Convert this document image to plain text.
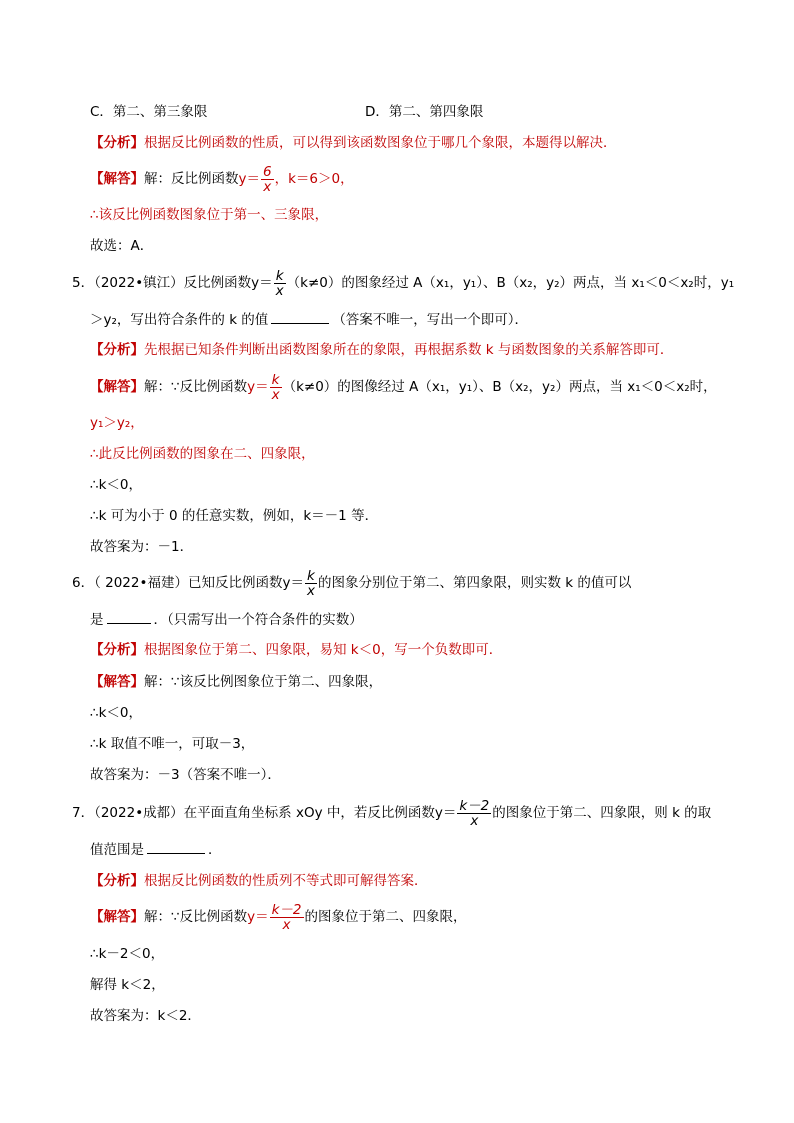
C．第二、第三象限	D．第二、第四象限
【分析】根据反比例函数的性质，可以得到该函数图象位于哪几个象限，本题得以解决．
【解答】解：反比例函数$y= \frac{6}{x}$ ，k＝6＞0，
∴该反比例函数图象位于第一、三象限，
故选：A．
5．（2022•镇江）反比例函数$y= \frac{k}{x} (k\ne 0)$的图象经过 A（x₁，y₁）、B（x₂，y₂）两点，当 x₁＜0＜x₂时，y₁
＞y₂，写出符合条件的 k 的值	（答案不唯一，写出一个即可）．
【分析】先根据已知条件判断出函数图象所在的象限，再根据系数 k 与函数图象的关系解答即可．
【解答】解：∵反比例函数$y= \frac{k}{x} (k\ne 0)$的图像经过 A（x₁，y₁）、B（x₂，y₂）两点，当 x₁＜0＜x₂时，
y₁＞y₂，
∴此反比例函数的图象在二、四象限，
∴k＜0，
∴k 可为小于 0 的任意实数，例如，k＝－1 等．
故答案为：－1．
6．（ 2022•福建）已知反比例函数$y= \frac{k}{x}$ 的图象分别位于第二、第四象限，则实数 k 的值可以
是	．（只需写出一个符合条件的实数）
【分析】根据图象位于第二、四象限，易知 k＜0，写一个负数即可．
【解答】解：∵该反比例图象位于第二、四象限，
∴k＜0，
∴k 取值不唯一，可取－3，
故答案为：－3（答案不唯一）．
7．（2022•成都）在平面直角坐标系 xOy 中，若反比例函数$y= \frac{k-2}{x}$ 的图象位于第二、四象限，则 k 的取
值范围是	．
【分析】根据反比例函数的性质列不等式即可解得答案．
【解答】解：∵反比例函数$y= \frac{k-2}{x}$ 的图象位于第二、四象限，
∴k－2＜0，
解得 k＜2，
故答案为：k＜2．
